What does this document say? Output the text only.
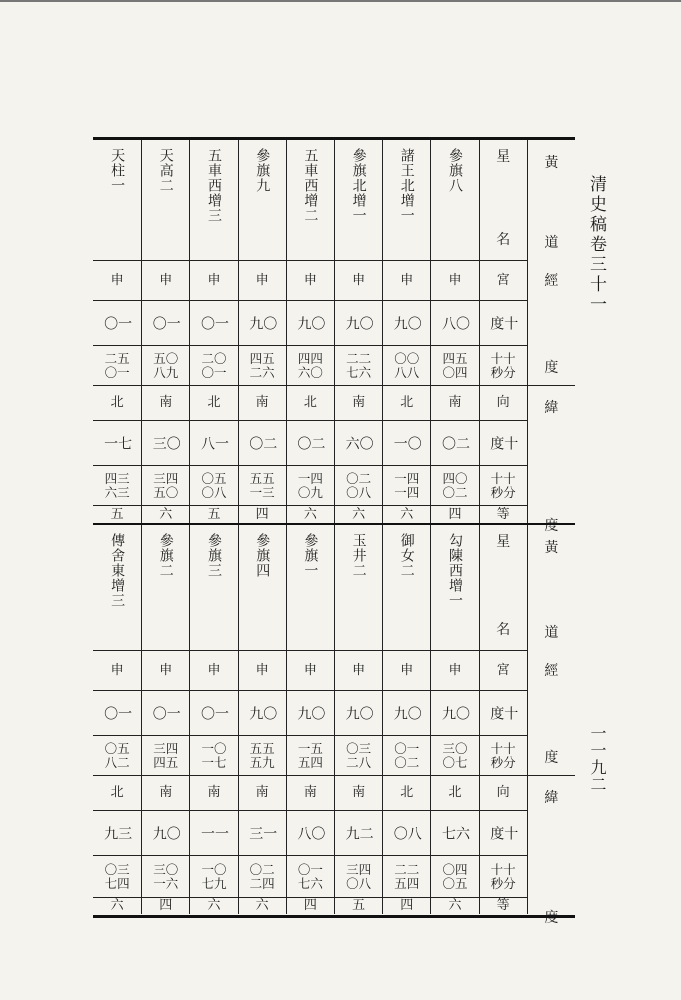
清史稿卷三十一
一一九二
天柱一
申
一〇
二五
〇一
北
七一
四三
六三
五
天高二
申
一〇
五〇
八九
南
〇三
三四
五〇
六
五車西增三
申
一〇
二〇
〇一
北
一八
〇五
〇八
五
參旗九
申
〇九
四五
二六
南
二〇
五五
一三
四
五車西增二
申
〇九
四四
六〇
北
二〇
一四
〇九
六
參旗北增一
申
〇九
二二
七六
南
〇六
〇二
〇八
六
諸王北增一
申
〇九
〇〇
八八
北
〇一
一四
一四
六
參旗八
申
〇八
四五
〇四
南
二〇
四〇
〇二
四
星
名
宮
十度
十十
秒分
向
十度
十十
秒分
等
黃
道
經
度
緯
度
傳舍東增三
申
一〇
〇五
八二
北
三九
〇三
七四
六
參旗二
申
一〇
三四
四五
南
〇九
三〇
一六
四
參旗三
申
一〇
一〇
一七
南
一一
一〇
七九
六
參旗四
申
〇九
五五
五九
南
一三
〇二
二四
六
參旗一
申
〇九
一五
五四
南
〇八
〇一
七六
四
玉井二
申
〇九
〇三
二八
南
二九
三四
〇八
五
御女二
申
〇九
〇一
〇二
北
八〇
二二
五四
四
勾陳西增一
申
〇九
三〇
〇七
北
六七
〇四
〇五
六
星
名
宮
十度
十十
秒分
向
十度
十十
秒分
等
黃
道
經
度
緯
度
